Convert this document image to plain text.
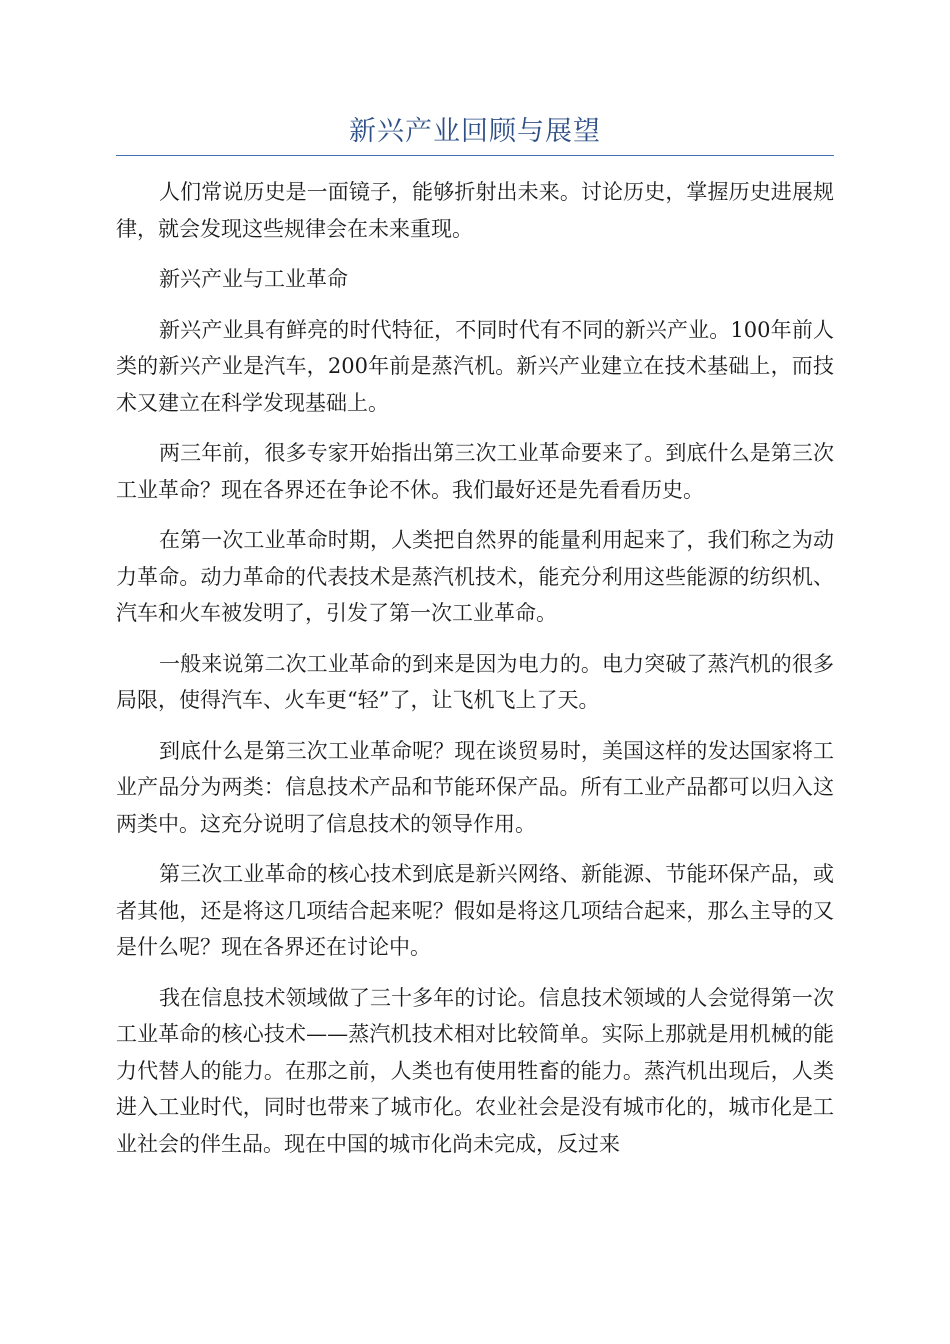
新兴产业回顾与展望

人们常说历史是一面镜子，能够折射出未来。讨论历史，掌握历史进展规律，就会发现这些规律会在未来重现。

新兴产业与工业革命

新兴产业具有鲜亮的时代特征，不同时代有不同的新兴产业。100年前人类的新兴产业是汽车，200年前是蒸汽机。新兴产业建立在技术基础上，而技术又建立在科学发现基础上。

两三年前，很多专家开始指出第三次工业革命要来了。到底什么是第三次工业革命？现在各界还在争论不休。我们最好还是先看看历史。

在第一次工业革命时期，人类把自然界的能量利用起来了，我们称之为动力革命。动力革命的代表技术是蒸汽机技术，能充分利用这些能源的纺织机、汽车和火车被发明了，引发了第一次工业革命。

一般来说第二次工业革命的到来是因为电力的。电力突破了蒸汽机的很多局限，使得汽车、火车更“轻”了，让飞机飞上了天。

到底什么是第三次工业革命呢？现在谈贸易时，美国这样的发达国家将工业产品分为两类：信息技术产品和节能环保产品。所有工业产品都可以归入这两类中。这充分说明了信息技术的领导作用。

第三次工业革命的核心技术到底是新兴网络、新能源、节能环保产品，或者其他，还是将这几项结合起来呢？假如是将这几项结合起来，那么主导的又是什么呢？现在各界还在讨论中。

我在信息技术领域做了三十多年的讨论。信息技术领域的人会觉得第一次工业革命的核心技术——蒸汽机技术相对比较简单。实际上那就是用机械的能力代替人的能力。在那之前，人类也有使用牲畜的能力。蒸汽机出现后，人类进入工业时代，同时也带来了城市化。农业社会是没有城市化的，城市化是工业社会的伴生品。现在中国的城市化尚未完成，反过来
